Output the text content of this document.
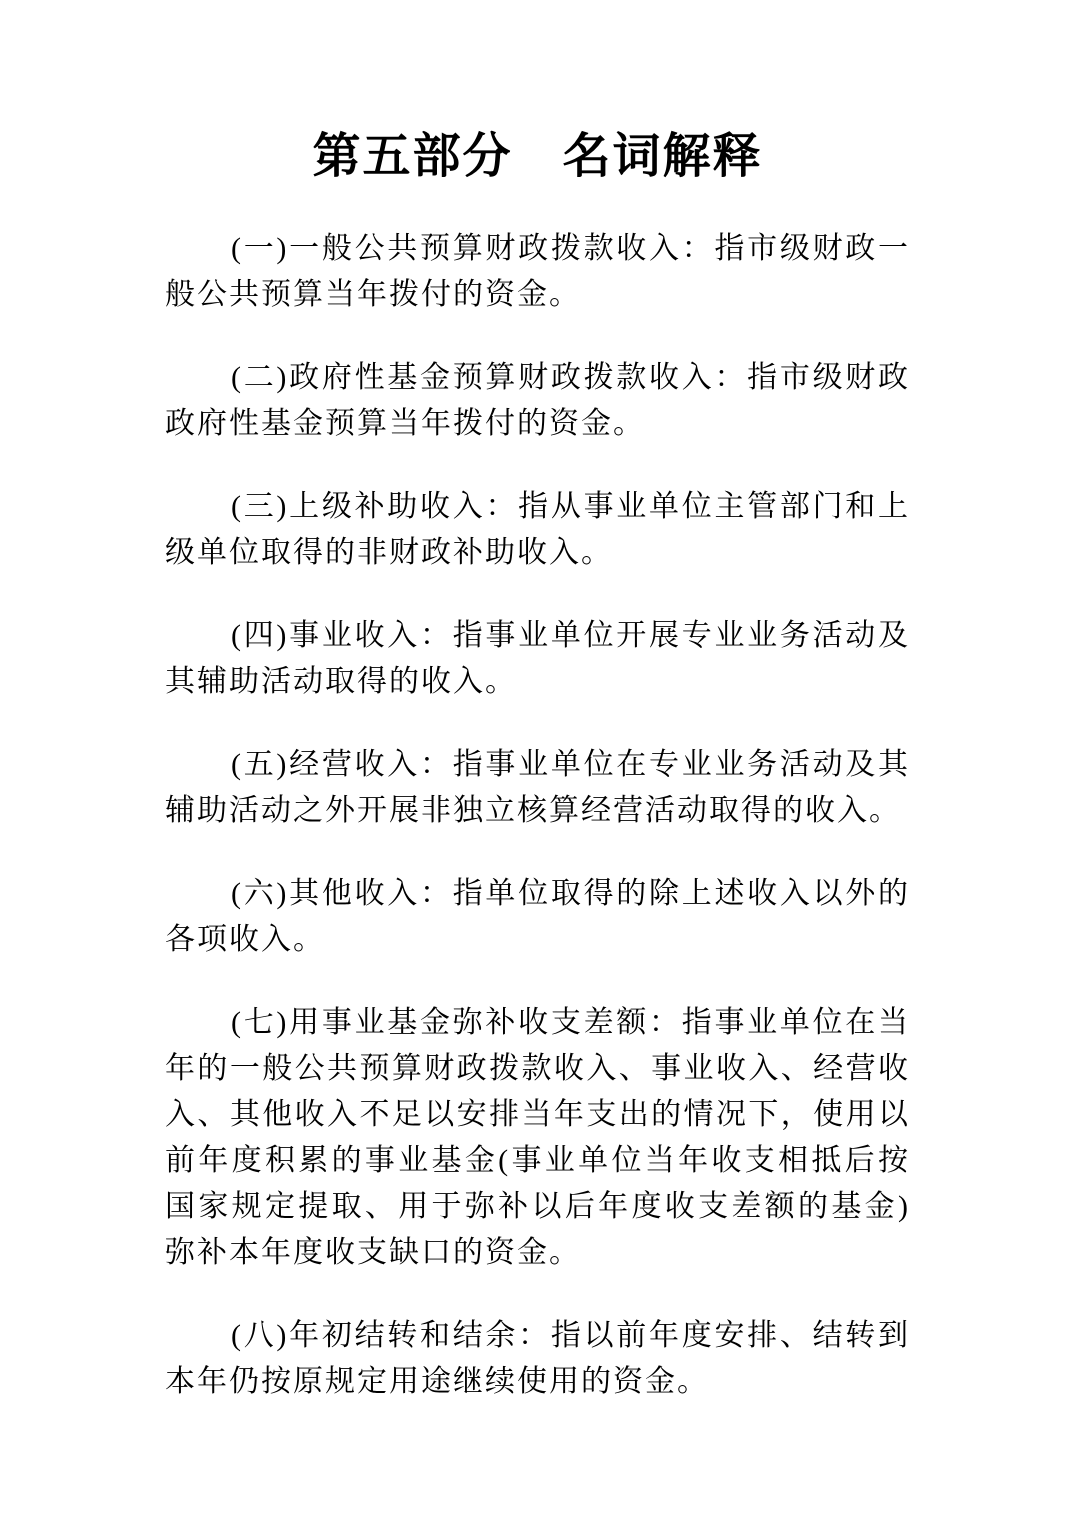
第五部分　名词解释

(一)一般公共预算财政拨款收入：指市级财政一般公共预算当年拨付的资金。

(二)政府性基金预算财政拨款收入：指市级财政政府性基金预算当年拨付的资金。

(三)上级补助收入：指从事业单位主管部门和上级单位取得的非财政补助收入。

(四)事业收入：指事业单位开展专业业务活动及其辅助活动取得的收入。

(五)经营收入：指事业单位在专业业务活动及其辅助活动之外开展非独立核算经营活动取得的收入。

(六)其他收入：指单位取得的除上述收入以外的各项收入。

(七)用事业基金弥补收支差额：指事业单位在当年的一般公共预算财政拨款收入、事业收入、经营收入、其他收入不足以安排当年支出的情况下，使用以前年度积累的事业基金(事业单位当年收支相抵后按国家规定提取、用于弥补以后年度收支差额的基金)弥补本年度收支缺口的资金。

(八)年初结转和结余：指以前年度安排、结转到本年仍按原规定用途继续使用的资金。
